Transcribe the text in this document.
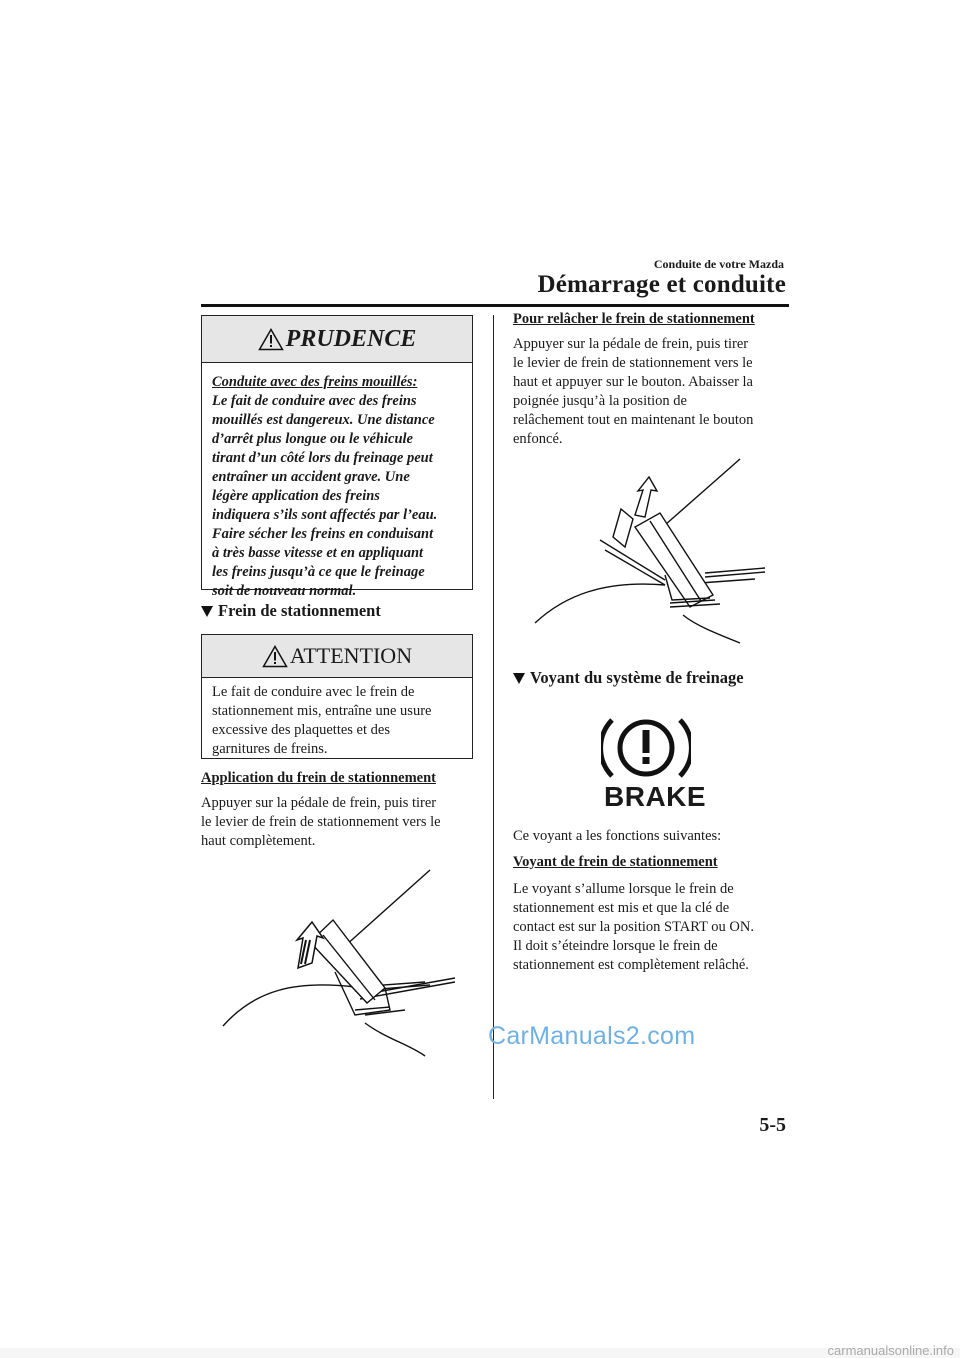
Conduite de votre Mazda
Démarrage et conduite
PRUDENCE
Conduite avec des freins mouillés:
Le fait de conduire avec des freins
mouillés est dangereux. Une distance
d’arrêt plus longue ou le véhicule
tirant d’un côté lors du freinage peut
entraîner un accident grave. Une
légère application des freins
indiquera s’ils sont affectés par l’eau.
Faire sécher les freins en conduisant
à très basse vitesse et en appliquant
les freins jusqu’à ce que le freinage
soit de nouveau normal.
Frein de stationnement
ATTENTION
Le fait de conduire avec le frein de
stationnement mis, entraîne une usure
excessive des plaquettes et des
garnitures de freins.
Application du frein de stationnement
Appuyer sur la pédale de frein, puis tirer
le levier de frein de stationnement vers le
haut complètement.
Pour relâcher le frein de stationnement
Appuyer sur la pédale de frein, puis tirer
le levier de frein de stationnement vers le
haut et appuyer sur le bouton. Abaisser la
poignée jusqu’à la position de
relâchement tout en maintenant le bouton
enfoncé.
Voyant du système de freinage
BRAKE
Ce voyant a les fonctions suivantes:
Voyant de frein de stationnement
Le voyant s’allume lorsque le frein de
stationnement est mis et que la clé de
contact est sur la position START ou ON.
Il doit s’éteindre lorsque le frein de
stationnement est complètement relâché.
CarManuals2.com
5-5
carmanualsonline.info
